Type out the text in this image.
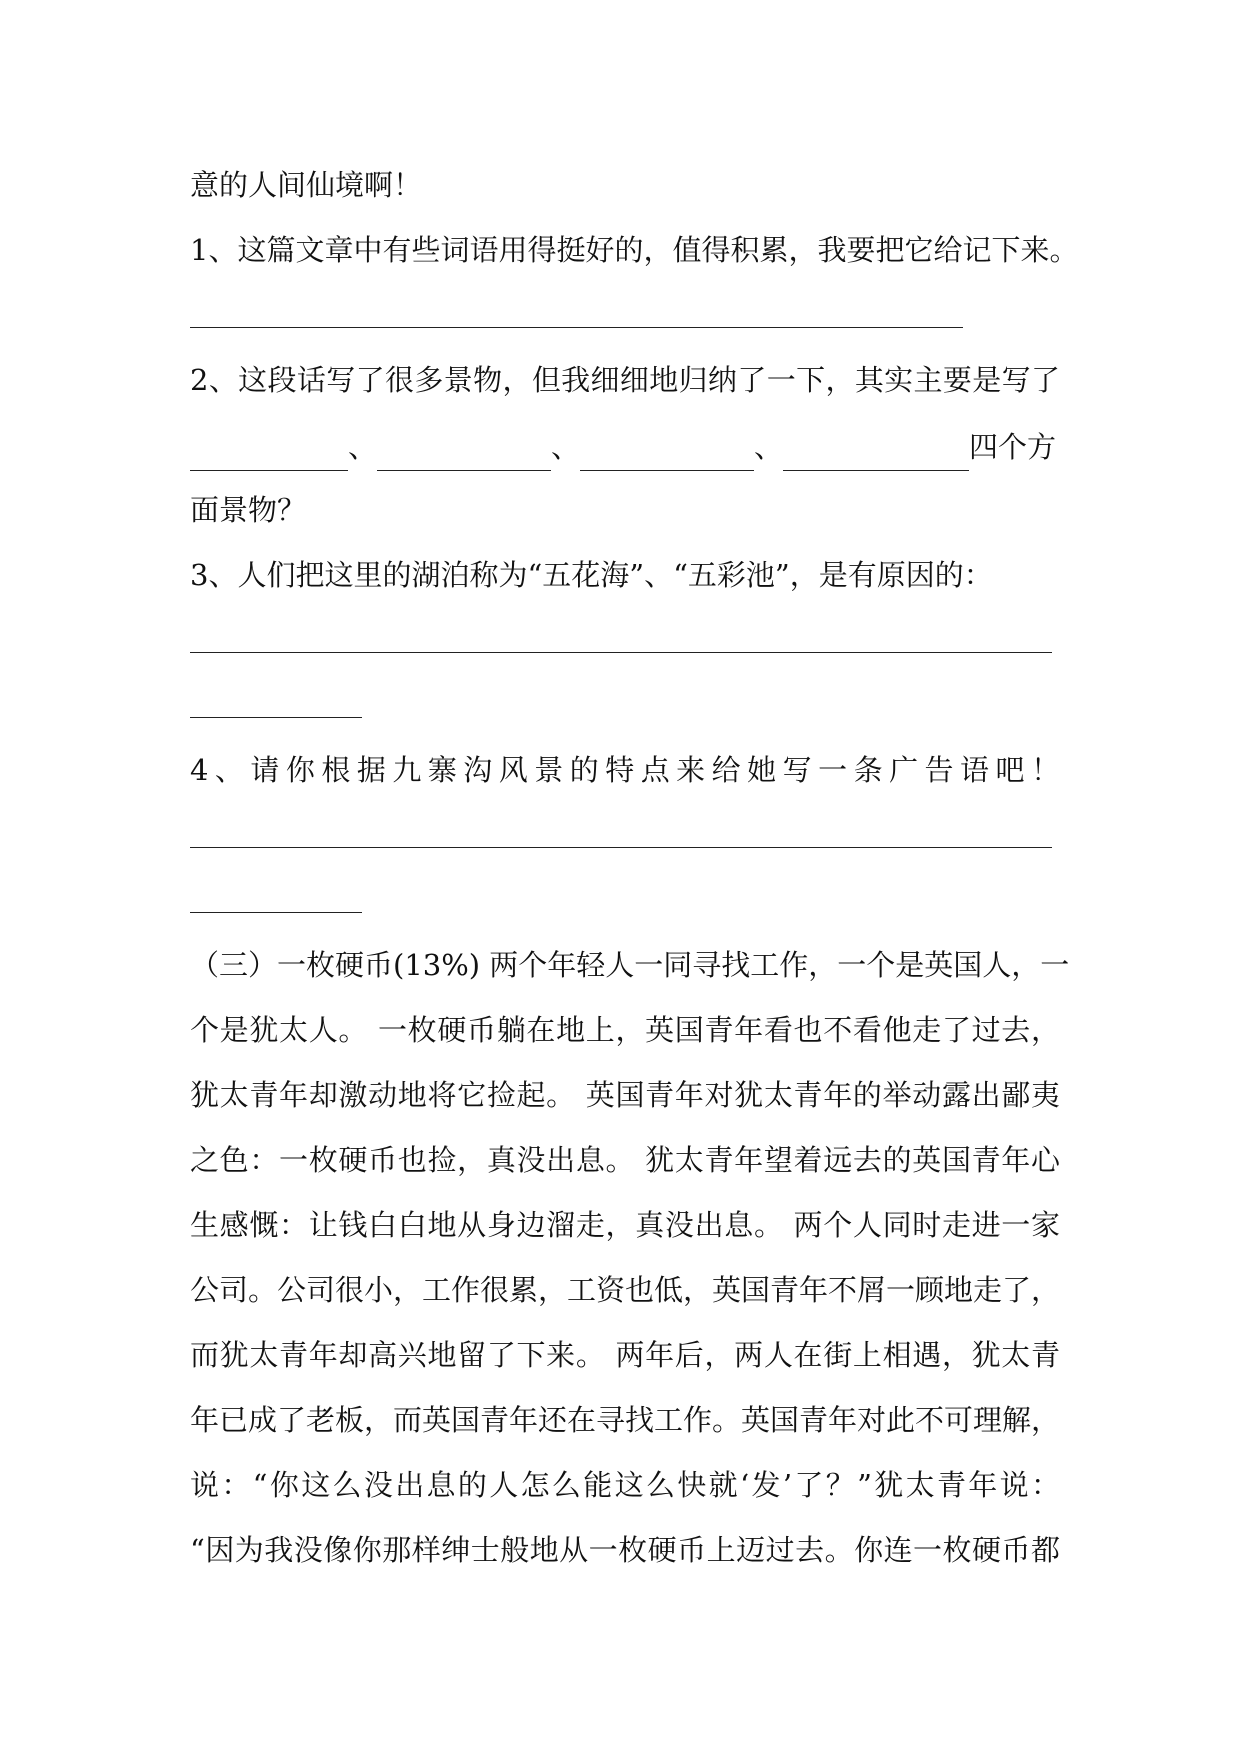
意的人间仙境啊！
1、这篇文章中有些词语用得挺好的，值得积累，我要把它给记下来。
2、这段话写了很多景物，但我细细地归纳了一下，其实主要是写了
、	、	、	四个方
面景物？
3、人们把这里的湖泊称为“五花海”、“五彩池”，是有原因的：
4、请你根据九寨沟风景的特点来给她写一条广告语吧！
（三）一枚硬币(13%) 两个年轻人一同寻找工作，一个是英国人，一
个是犹太人。 一枚硬币躺在地上，英国青年看也不看他走了过去，
犹太青年却激动地将它捡起。 英国青年对犹太青年的举动露出鄙夷
之色：一枚硬币也捡，真没出息。 犹太青年望着远去的英国青年心
生感慨：让钱白白地从身边溜走，真没出息。 两个人同时走进一家
公司。公司很小，工作很累，工资也低，英国青年不屑一顾地走了，
而犹太青年却高兴地留了下来。 两年后，两人在街上相遇，犹太青
年已成了老板，而英国青年还在寻找工作。英国青年对此不可理解，
说：“你这么没出息的人怎么能这么快就‘发’了？”犹太青年说：
“因为我没像你那样绅士般地从一枚硬币上迈过去。你连一枚硬币都
